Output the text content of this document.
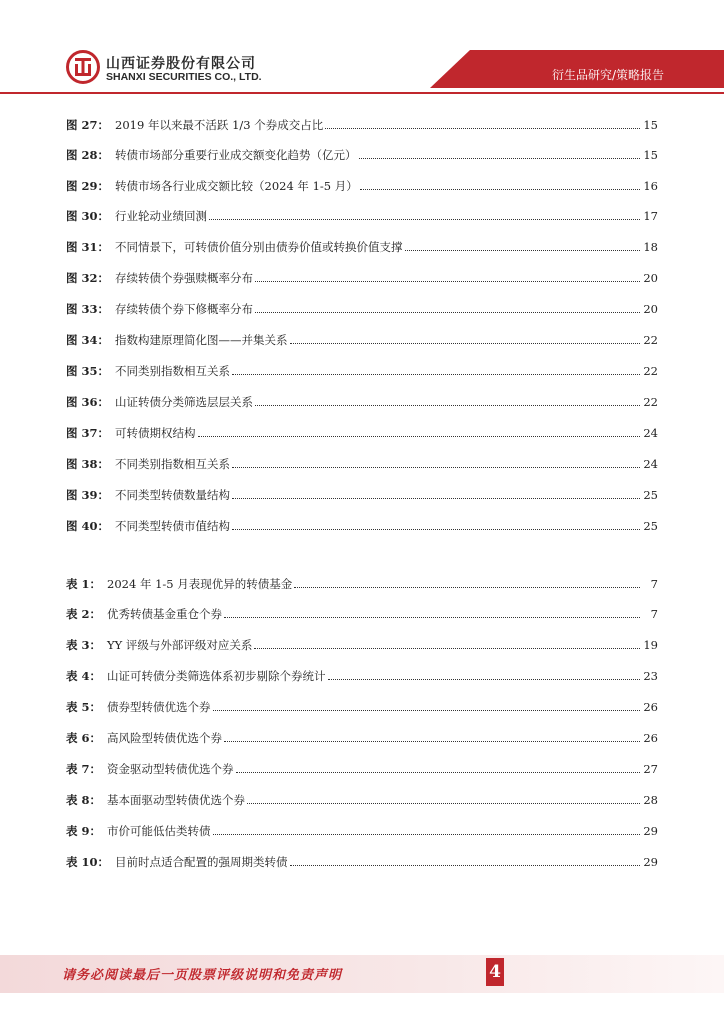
山西证券股份有限公司
SHANXI SECURITIES CO., LTD.	衍生品研究/策略报告
图 27： 2019 年以来最不活跃 1/3 个券成交占比	15
图 28： 转债市场部分重要行业成交额变化趋势（亿元）	15
图 29： 转债市场各行业成交额比较（2024 年 1-5 月）	16
图 30： 行业轮动业绩回测	17
图 31： 不同情景下，可转债价值分别由债券价值或转换价值支撑	18
图 32： 存续转债个券强赎概率分布	20
图 33： 存续转债个券下修概率分布	20
图 34： 指数构建原理简化图——并集关系	22
图 35： 不同类别指数相互关系	22
图 36： 山证转债分类筛选层层关系	22
图 37： 可转债期权结构	24
图 38： 不同类别指数相互关系	24
图 39： 不同类型转债数量结构	25
图 40： 不同类型转债市值结构	25
表 1： 2024 年 1-5 月表现优异的转债基金	7
表 2： 优秀转债基金重仓个券	7
表 3： YY 评级与外部评级对应关系	19
表 4： 山证可转债分类筛选体系初步剔除个券统计	23
表 5： 债券型转债优选个券	26
表 6： 高风险型转债优选个券	26
表 7： 资金驱动型转债优选个券	27
表 8： 基本面驱动型转债优选个券	28
表 9： 市价可能低估类转债	29
表 10： 目前时点适合配置的强周期类转债	29
请务必阅读最后一页股票评级说明和免责声明	4
